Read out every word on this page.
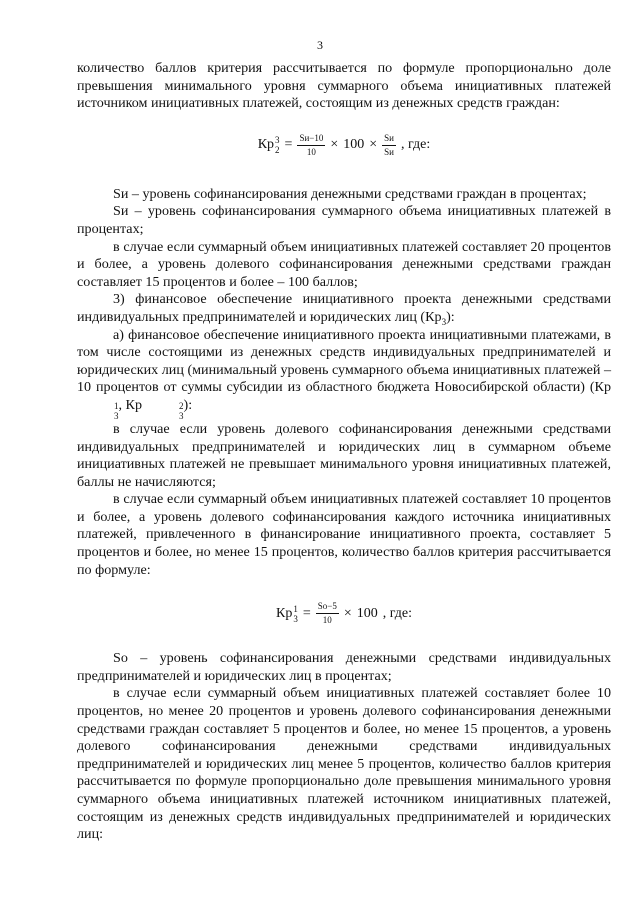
3

количество баллов критерия рассчитывается по формуле пропорционально доле превышения минимального уровня суммарного объема инициативных платежей источником инициативных платежей, состоящим из денежных средств граждан:

Кр 3
$2 = \frac{Sи-10}{10} \times 100 \times \frac{Sи}{Sи}$ , где:

Sи – уровень софинансирования денежными средствами граждан в процентах;

Sи – уровень софинансирования суммарного объема инициативных платежей в процентах;

в случае если суммарный объем инициативных платежей составляет 20 процентов и более, а уровень долевого софинансирования денежными средствами граждан составляет 15 процентов и более – 100 баллов;

3) финансовое обеспечение инициативного проекта денежными средствами индивидуальных предпринимателей и юридических лиц $(Кр_3)$:

а) финансовое обеспечение инициативного проекта инициативными платежами, в том числе состоящими из денежных средств индивидуальных предпринимателей и юридических лиц (минимальный уровень суммарного объема инициативных платежей – 10 процентов от суммы субсидии из областного бюджета Новосибирской области) (Кр
1
3
, Кр	2
3
):

в случае если уровень долевого софинансирования денежными средствами индивидуальных предпринимателей и юридических лиц в суммарном объеме инициативных платежей не превышает минимального уровня инициативных платежей, баллы не начисляются;

в случае если суммарный объем инициативных платежей составляет 10 процентов и более, а уровень долевого софинансирования каждого источника инициативных платежей, привлеченного в финансирование инициативного проекта, составляет 5 процентов и более, но менее 15 процентов, количество баллов критерия рассчитывается по формуле:

Кр 1
$3 = \frac{Sо-5}{10} \times 100$ , где:

Sо – уровень софинансирования денежными средствами индивидуальных предпринимателей и юридических лиц в процентах;

в случае если суммарный объем инициативных платежей составляет более 10 процентов, но менее 20 процентов и уровень долевого софинансирования денежными средствами граждан составляет 5 процентов и более, но менее 15 процентов, а уровень долевого софинансирования денежными средствами индивидуальных предпринимателей и юридических лиц менее 5 процентов, количество баллов критерия рассчитывается по формуле пропорционально доле превышения минимального уровня суммарного объема инициативных платежей источником инициативных платежей, состоящим из денежных средств индивидуальных предпринимателей и юридических лиц:
